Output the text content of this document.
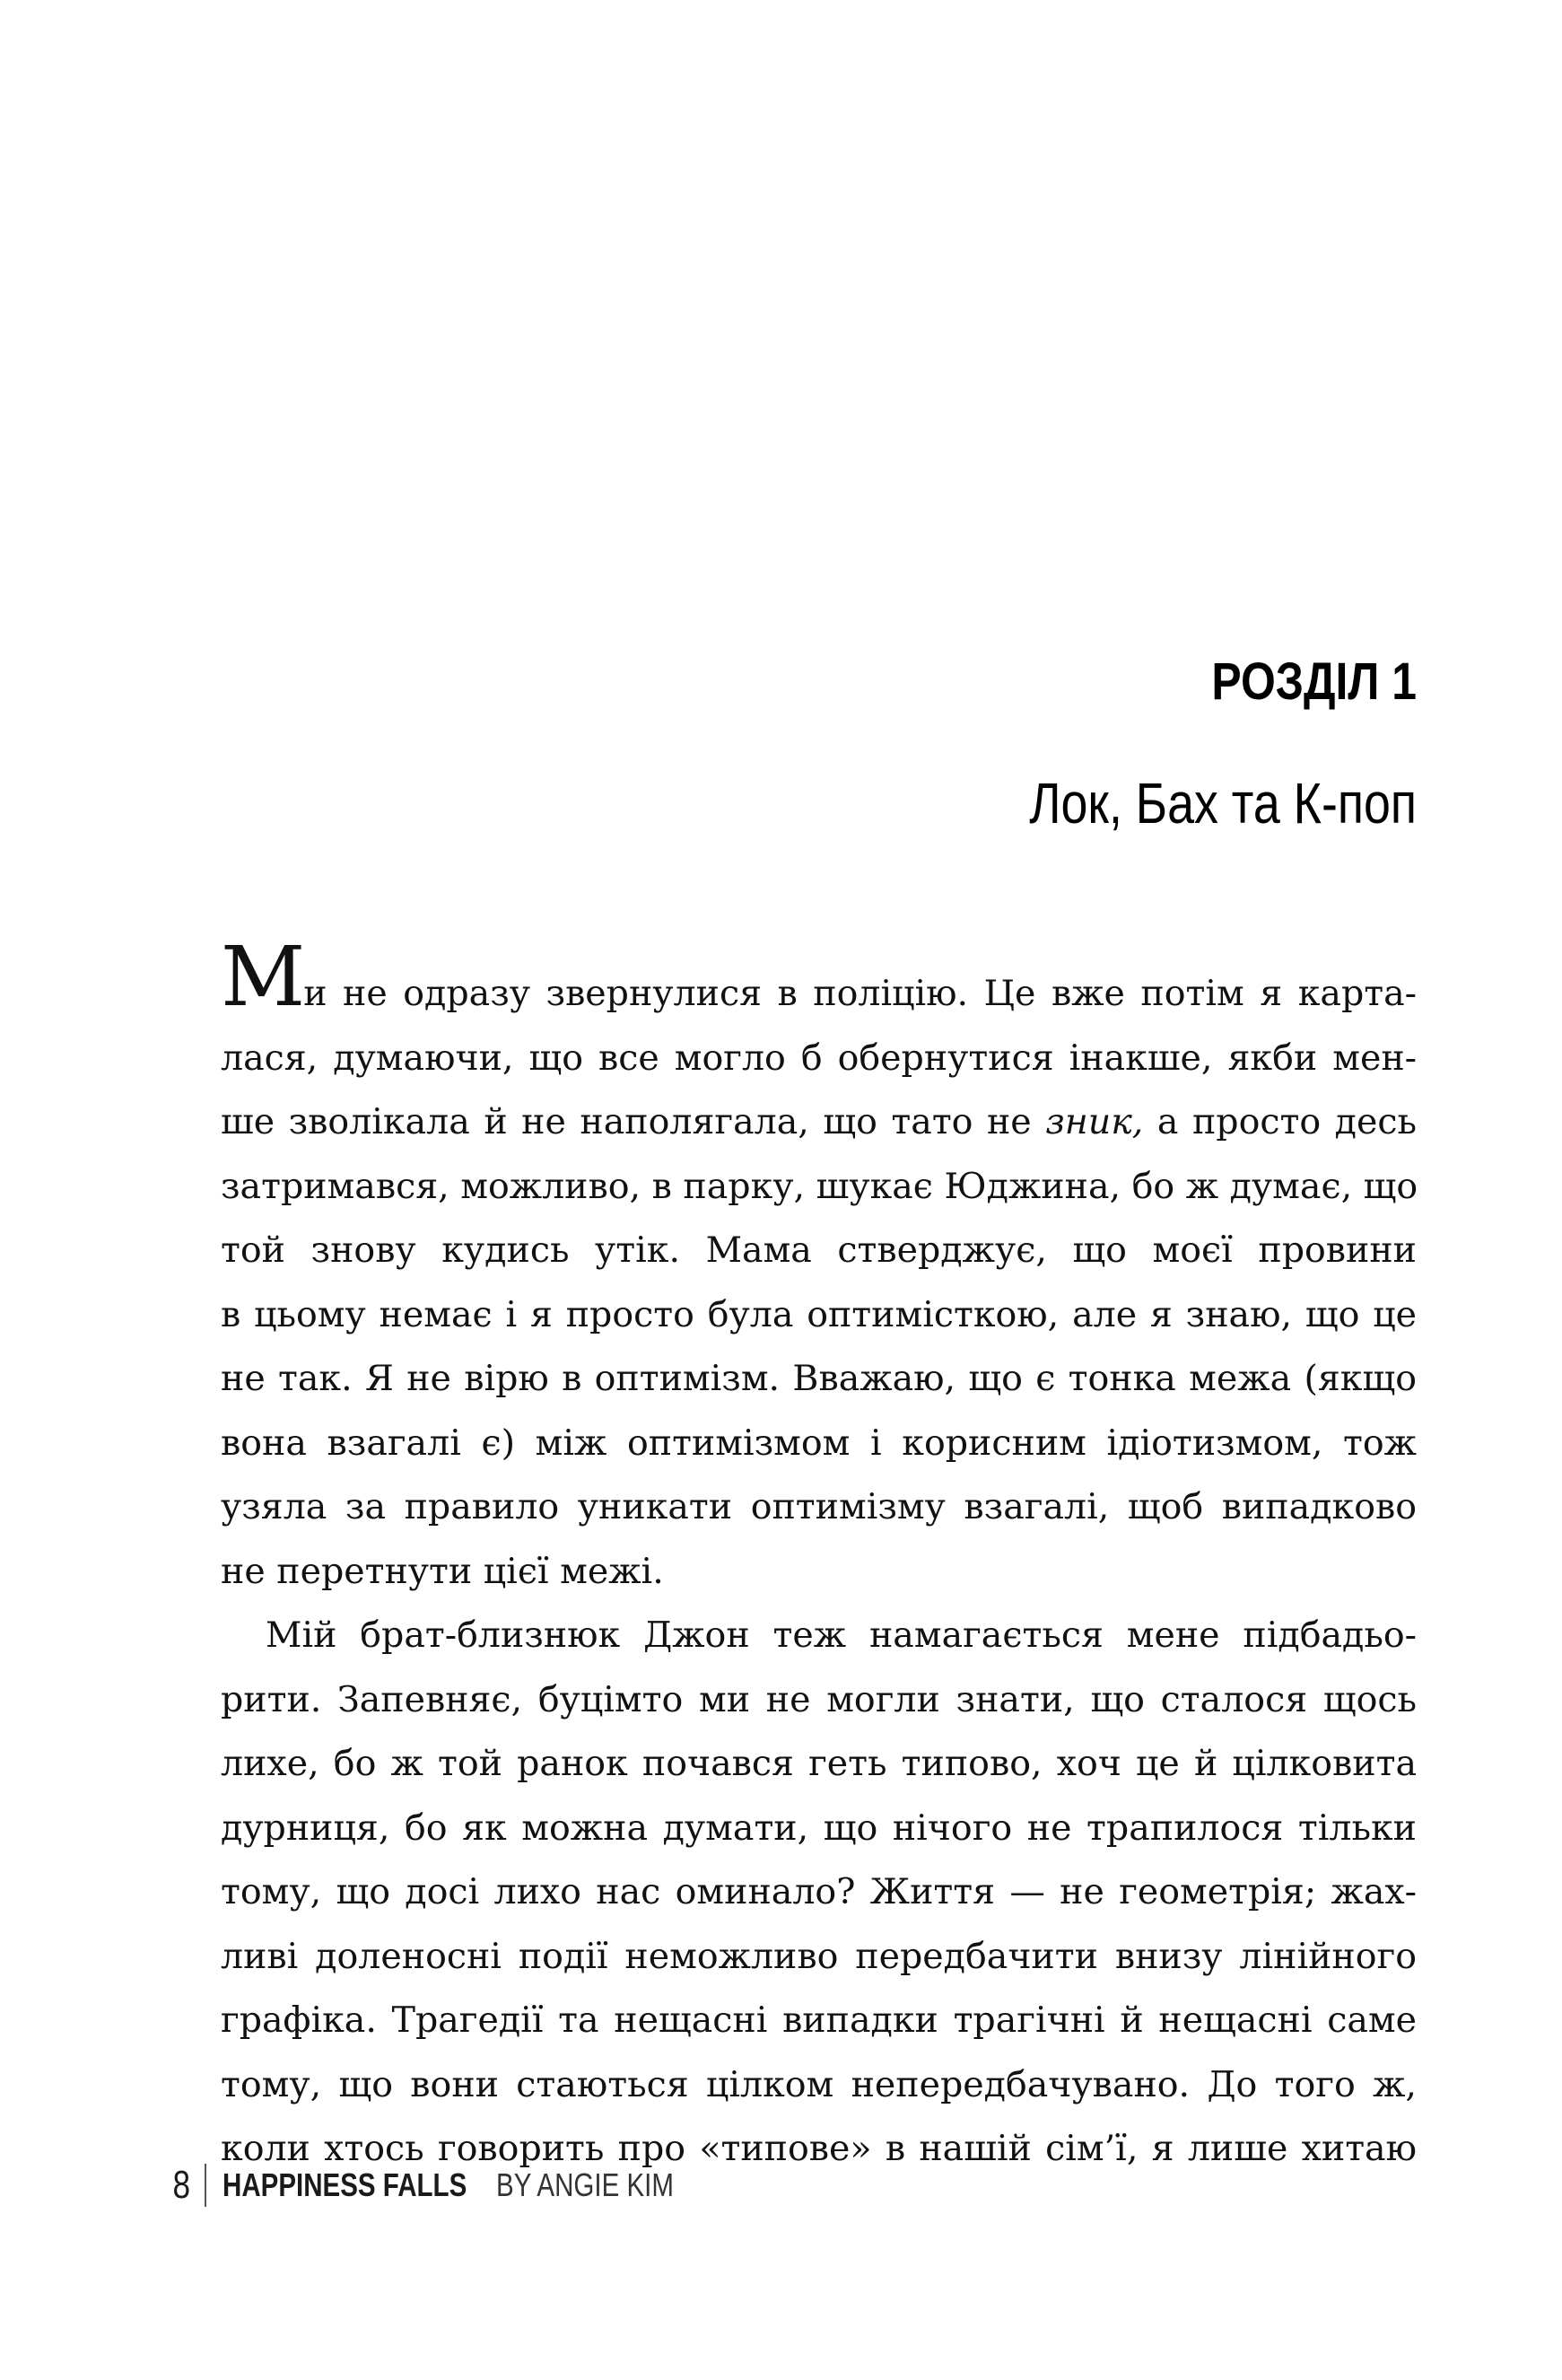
РОЗДІЛ 1
Лок, Бах та К-поп
Ми не одразу звернулися в поліцію. Це вже потім я карта-
лася, думаючи, що все могло б обернутися інакше, якби мен-
ше зволікала й не наполягала, що тато не зник, а просто десь
затримався, можливо, в парку, шукає Юджина, бо ж думає, що
той знову кудись утік. Мама стверджує, що моєї провини
в цьому немає і я просто була оптимісткою, але я знаю, що це
не так. Я не вірю в оптимізм. Вважаю, що є тонка межа (якщо
вона взагалі є) між оптимізмом і корисним ідіотизмом, тож
узяла за правило уникати оптимізму взагалі, щоб випадково
не перетнути цієї межі.
Мій брат-близнюк Джон теж намагається мене підбадьо-
рити. Запевняє, буцімто ми не могли знати, що сталося щось
лихе, бо ж той ранок почався геть типово, хоч це й цілковита
дурниця, бо як можна думати, що нічого не трапилося тільки
тому, що досі лихо нас оминало? Життя — не геометрія; жах-
ливі доленосні події неможливо передбачити внизу лінійного
графіка. Трагедії та нещасні випадки трагічні й нещасні саме
тому, що вони стаються цілком непередбачувано. До того ж,
коли хтось говорить про «типове» в нашій сім’ї, я лише хитаю
8 HAPPINESS FALLS BY ANGIE KIM
